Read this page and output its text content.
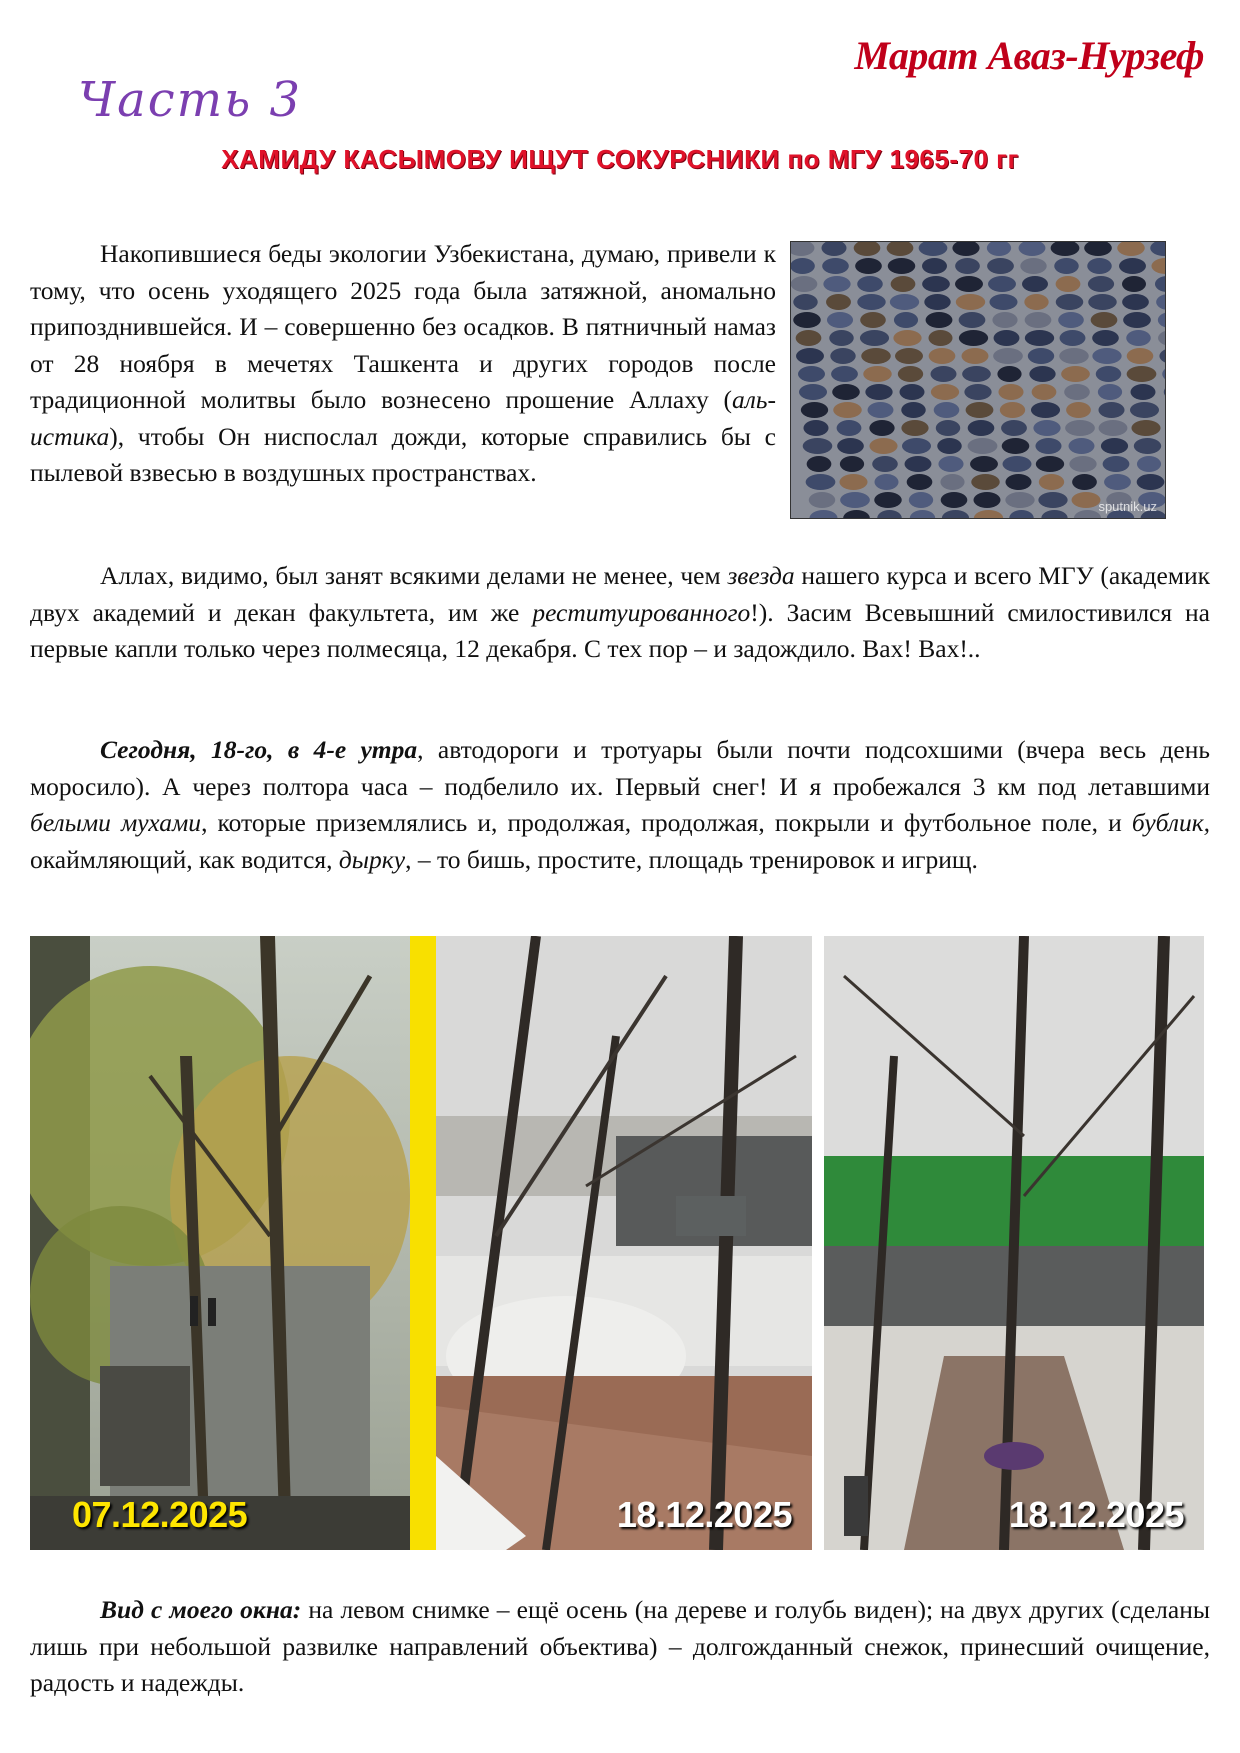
Марат Аваз-Нурзеф
Часть 3
ХАМИДУ КАСЫМОВУ ИЩУТ СОКУРСНИКИ по МГУ 1965-70 гг

Накопившиеся беды экологии Узбекистана, думаю, привели к тому, что осень уходящего 2025 года была затяжной, аномально припозднившейся. И – совершенно без осадков. В пятничный намаз от 28 ноября в мечетях Ташкента и других городов после традиционной молитвы было вознесено прошение Аллаху (аль-истика), чтобы Он ниспослал дожди, которые справились бы с пылевой взвесью в воздушных пространствах.

sputnik.uz

Аллах, видимо, был занят всякими делами не менее, чем звезда нашего курса и всего МГУ (академик двух академий и декан факультета, им же реституированного!). Засим Всевышний смилостивился на первые капли только через полмесяца, 12 декабря. С тех пор – и задождило. Вах! Вах!..

Сегодня, 18-го, в 4-е утра, автодороги и тротуары были почти подсохшими (вчера весь день моросило). А через полтора часа – подбелило их. Первый снег! И я пробежался 3 км под летавшими белыми мухами, которые приземлялись и, продолжая, продолжая, покрыли и футбольное поле, и бублик, окаймляющий, как водится, дырку, – то бишь, простите, площадь тренировок и игрищ.

07.12.2025	18.12.2025	18.12.2025

Вид с моего окна: на левом снимке – ещё осень (на дереве и голубь виден); на двух других (сделаны лишь при небольшой развилке направлений объектива) – долгожданный снежок, принесший очищение, радость и надежды.
